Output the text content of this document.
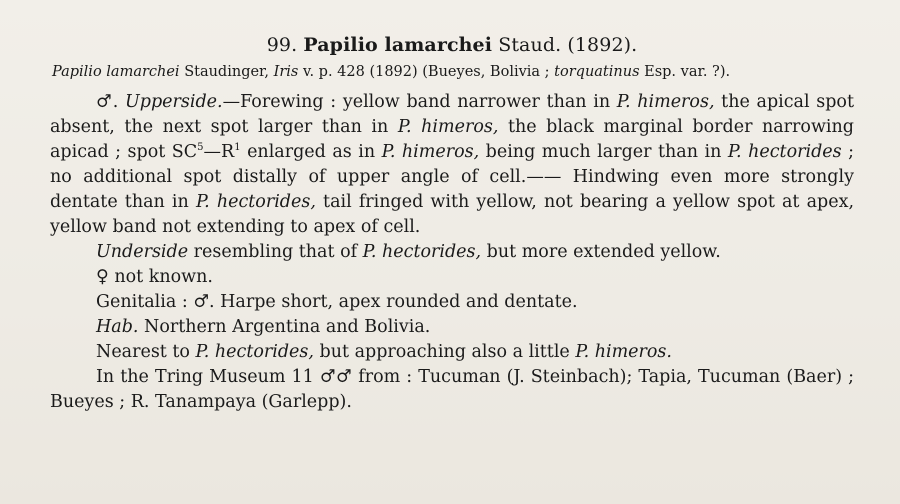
99. Papilio lamarchei Staud. (1892).
Papilio lamarchei Staudinger, Iris v. p. 428 (1892) (Bueyes, Bolivia ; torquatinus Esp. var. ?).

♂. Upperside.—Forewing : yellow band narrower than in P. himeros, the apical spot absent, the next spot larger than in P. himeros, the black marginal border narrowing apicad ; spot $SC^5—R^1$ enlarged as in P. himeros, being much larger than in P. hectorides ; no additional spot distally of upper angle of cell.—— Hindwing even more strongly dentate than in P. hectorides, tail fringed with yellow, not bearing a yellow spot at apex, yellow band not extending to apex of cell.

Underside resembling that of P. hectorides, but more extended yellow.

♀ not known.

Genitalia : ♂. Harpe short, apex rounded and dentate.

Hab. Northern Argentina and Bolivia.

Nearest to P. hectorides, but approaching also a little P. himeros.

In the Tring Museum 11 ♂♂ from : Tucuman (J. Steinbach); Tapia, Tucuman (Baer) ; Bueyes ; R. Tanampaya (Garlepp).
